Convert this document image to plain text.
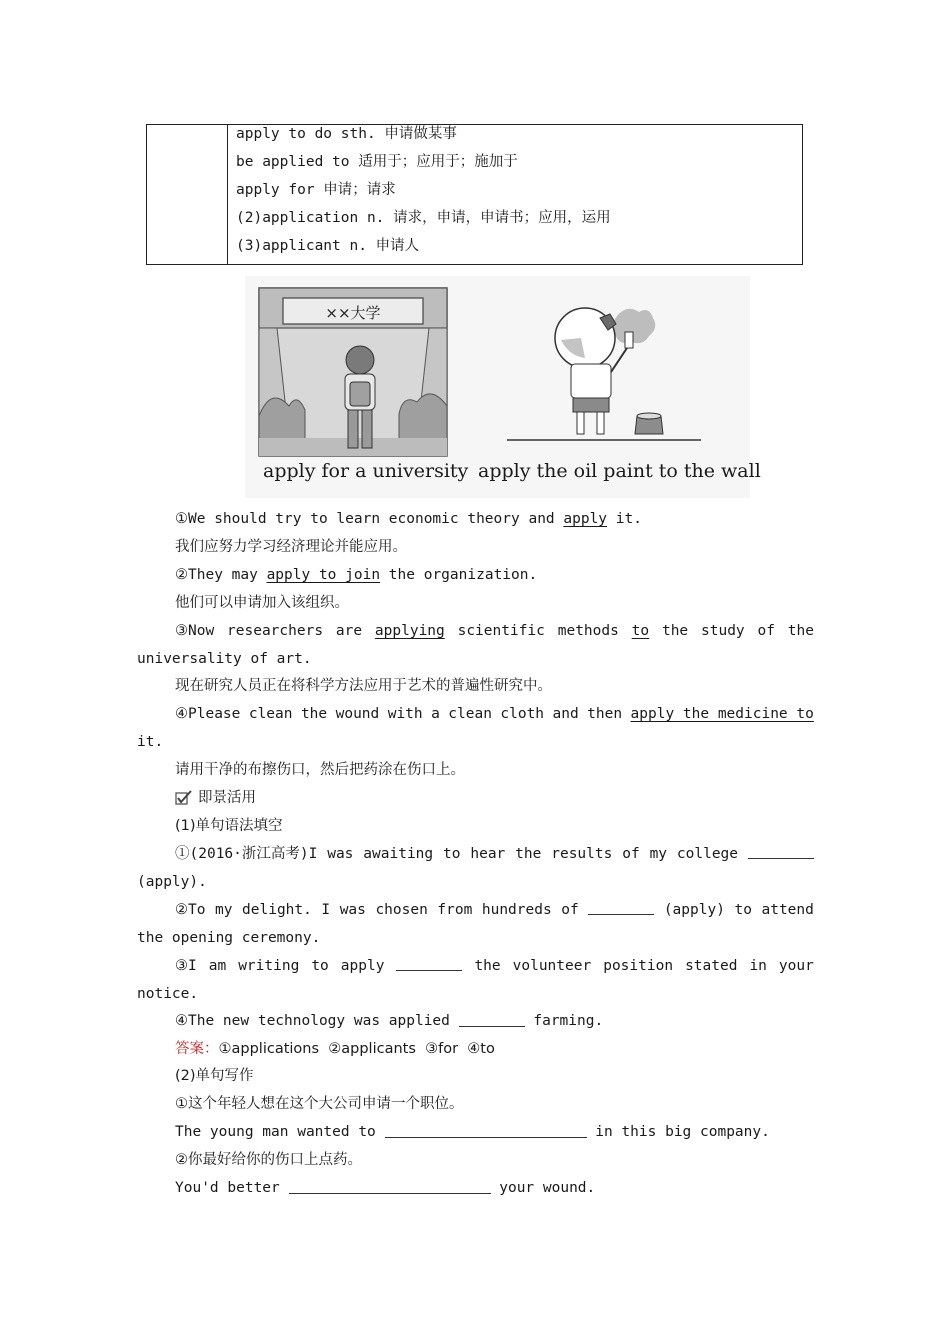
apply to do sth. 申请做某事
be applied to 适用于；应用于；施加于
apply for 申请；请求
(2)application n. 请求，申请，申请书；应用，运用
(3)applicant n. 申请人
××大学
apply for a university apply the oil paint to the wall
①We should try to learn economic theory and apply it.
我们应努力学习经济理论并能应用。
②They may apply to join the organization.
他们可以申请加入该组织。
③Now researchers are applying scientific methods to the study of the
universality of art.
现在研究人员正在将科学方法应用于艺术的普遍性研究中。
④Please clean the wound with a clean cloth and then apply the medicine to
it.
请用干净的布擦伤口，然后把药涂在伤口上。
即景活用
(1)单句语法填空
①(2016·浙江高考)I was awaiting to hear the results of my college
(apply).
②To my delight. I was chosen from hundreds of	(apply) to attend
the opening ceremony.
③I am writing to apply	the volunteer position stated in your
notice.
④The new technology was applied	farming.
答案：①applications  ②applicants  ③for  ④to
(2)单句写作
①这个年轻人想在这个大公司申请一个职位。
The young man wanted to	in this big company.
②你最好给你的伤口上点药。
You'd better	your wound.
